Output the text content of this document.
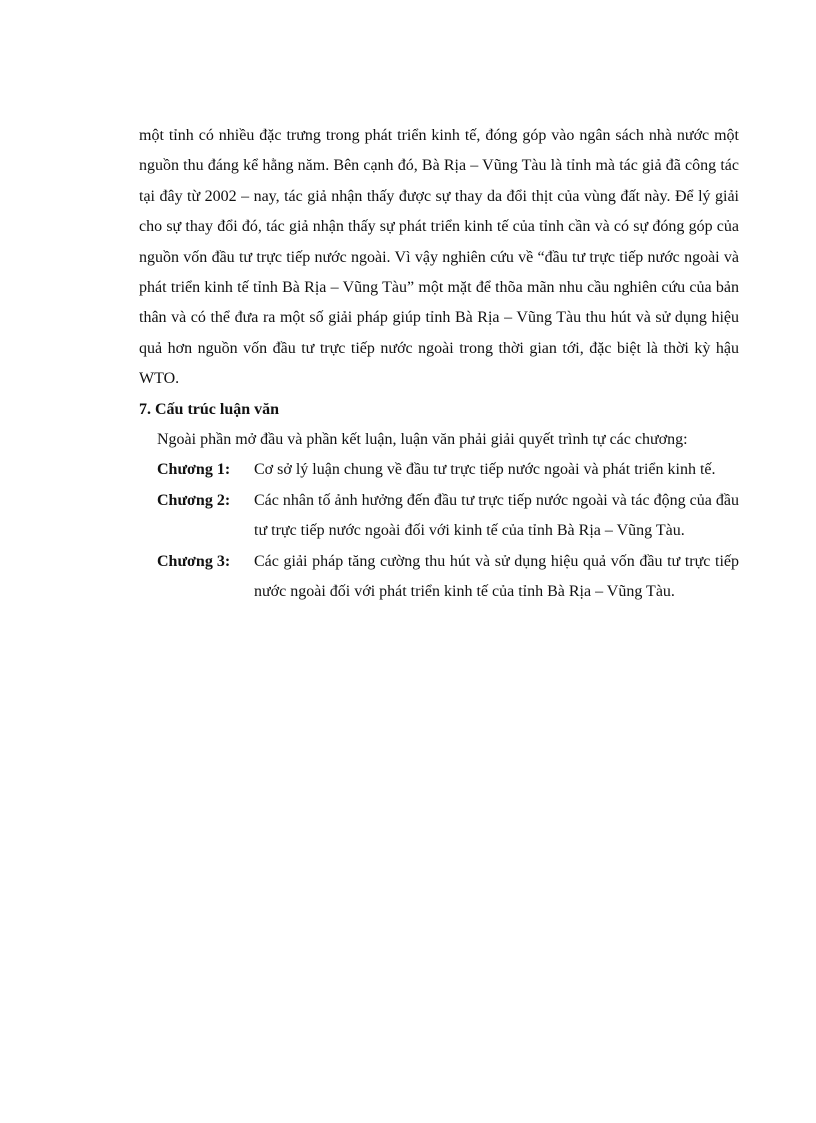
một tỉnh có nhiều đặc trưng trong phát triển kinh tế, đóng góp vào ngân sách nhà nước một nguồn thu đáng kể hằng năm. Bên cạnh đó, Bà Rịa – Vũng Tàu là tỉnh mà tác giả đã công tác tại đây từ 2002 – nay, tác giả nhận thấy được sự thay da đổi thịt của vùng đất này. Để lý giải cho sự thay đổi đó, tác giả nhận thấy sự phát triển kinh tế của tỉnh cần và có sự đóng góp của nguồn vốn đầu tư trực tiếp nước ngoài. Vì vậy nghiên cứu về “đầu tư trực tiếp nước ngoài và phát triển kinh tế tỉnh Bà Rịa – Vũng Tàu” một mặt để thõa mãn nhu cầu nghiên cứu của bản thân và có thể đưa ra một số giải pháp giúp tỉnh Bà Rịa – Vũng Tàu thu hút và sử dụng hiệu quả hơn nguồn vốn đầu tư trực tiếp nước ngoài trong thời gian tới, đặc biệt là thời kỳ hậu WTO.

7. Cấu trúc luận văn

Ngoài phần mở đầu và phần kết luận, luận văn phải giải quyết trình tự các chương:

Chương 1:	Cơ sở lý luận chung về đầu tư trực tiếp nước ngoài và phát triển kinh tế.
Chương 2:	Các nhân tố ảnh hưởng đến đầu tư trực tiếp nước ngoài và tác động của đầu tư trực tiếp nước ngoài đối với kinh tế của tỉnh Bà Rịa – Vũng Tàu.
Chương 3:	Các giải pháp tăng cường thu hút và sử dụng hiệu quả vốn đầu tư trực tiếp nước ngoài đối với phát triển kinh tế của tỉnh Bà Rịa – Vũng Tàu.
